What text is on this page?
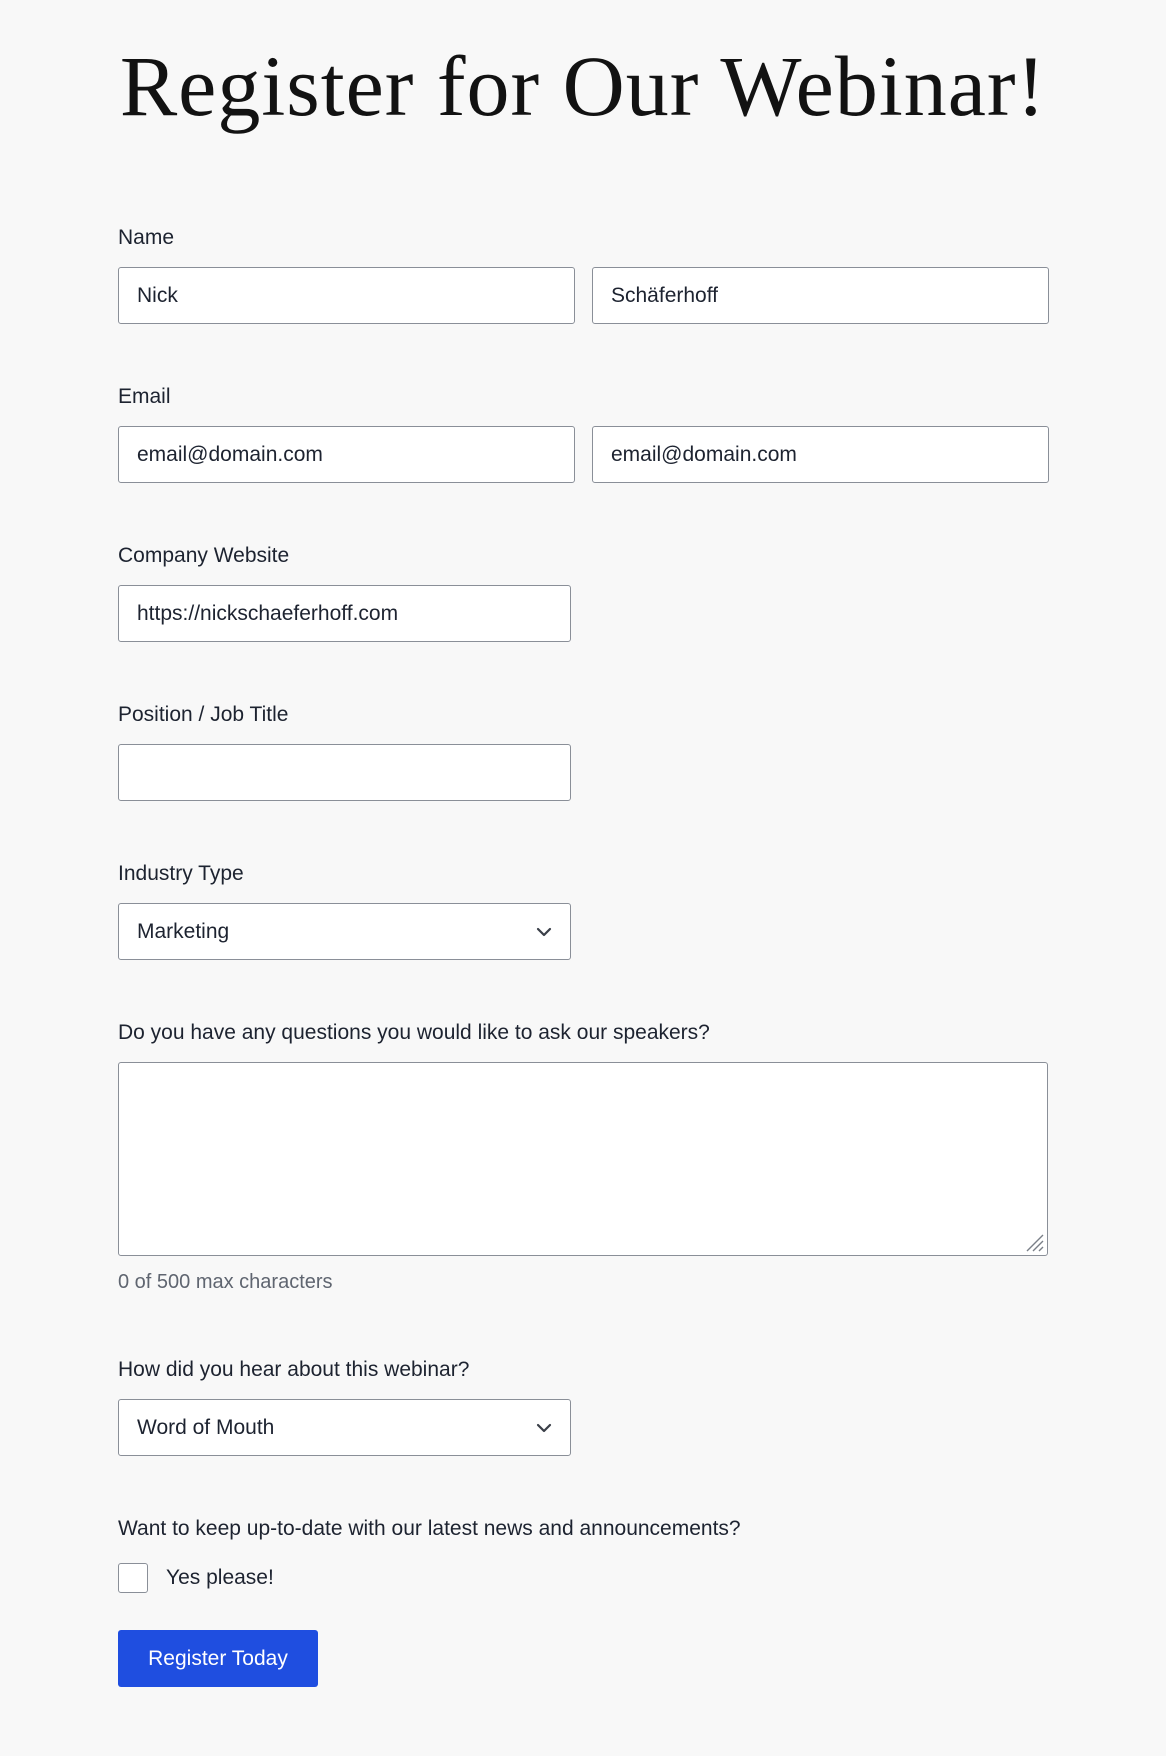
Register for Our Webinar!
Name
Nick	Schäferhoff
Email
email@domain.com	email@domain.com
Company Website
https://nickschaeferhoff.com
Position / Job Title
Industry Type
Marketing
Do you have any questions you would like to ask our speakers?
0 of 500 max characters
How did you hear about this webinar?
Word of Mouth
Want to keep up-to-date with our latest news and announcements?
Yes please!
Register Today
